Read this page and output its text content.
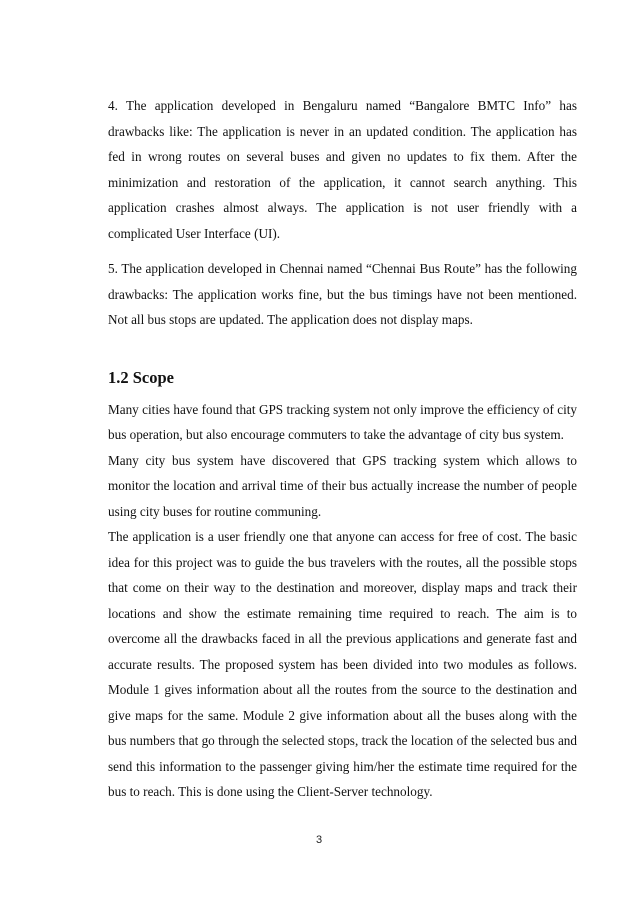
4. The application developed in Bengaluru named “Bangalore BMTC Info” has drawbacks like: The application is never in an updated condition. The application has fed in wrong routes on several buses and given no updates to fix them. After the minimization and restoration of the application, it cannot search anything. This application crashes almost always. The application is not user friendly with a complicated User Interface (UI).

5. The application developed in Chennai named “Chennai Bus Route” has the following drawbacks: The application works fine, but the bus timings have not been mentioned. Not all bus stops are updated. The application does not display maps.

1.2 Scope

Many cities have found that GPS tracking system not only improve the efficiency of city bus operation, but also encourage commuters to take the advantage of city bus system.

Many city bus system have discovered that GPS tracking system which allows to monitor the location and arrival time of their bus actually increase the number of people using city buses for routine communing.

The application is a user friendly one that anyone can access for free of cost. The basic idea for this project was to guide the bus travelers with the routes, all the possible stops that come on their way to the destination and moreover, display maps and track their locations and show the estimate remaining time required to reach. The aim is to overcome all the drawbacks faced in all the previous applications and generate fast and accurate results. The proposed system has been divided into two modules as follows. Module 1 gives information about all the routes from the source to the destination and give maps for the same. Module 2 give information about all the buses along with the bus numbers that go through the selected stops, track the location of the selected bus and send this information to the passenger giving him/her the estimate time required for the bus to reach. This is done using the Client-Server technology.

3
